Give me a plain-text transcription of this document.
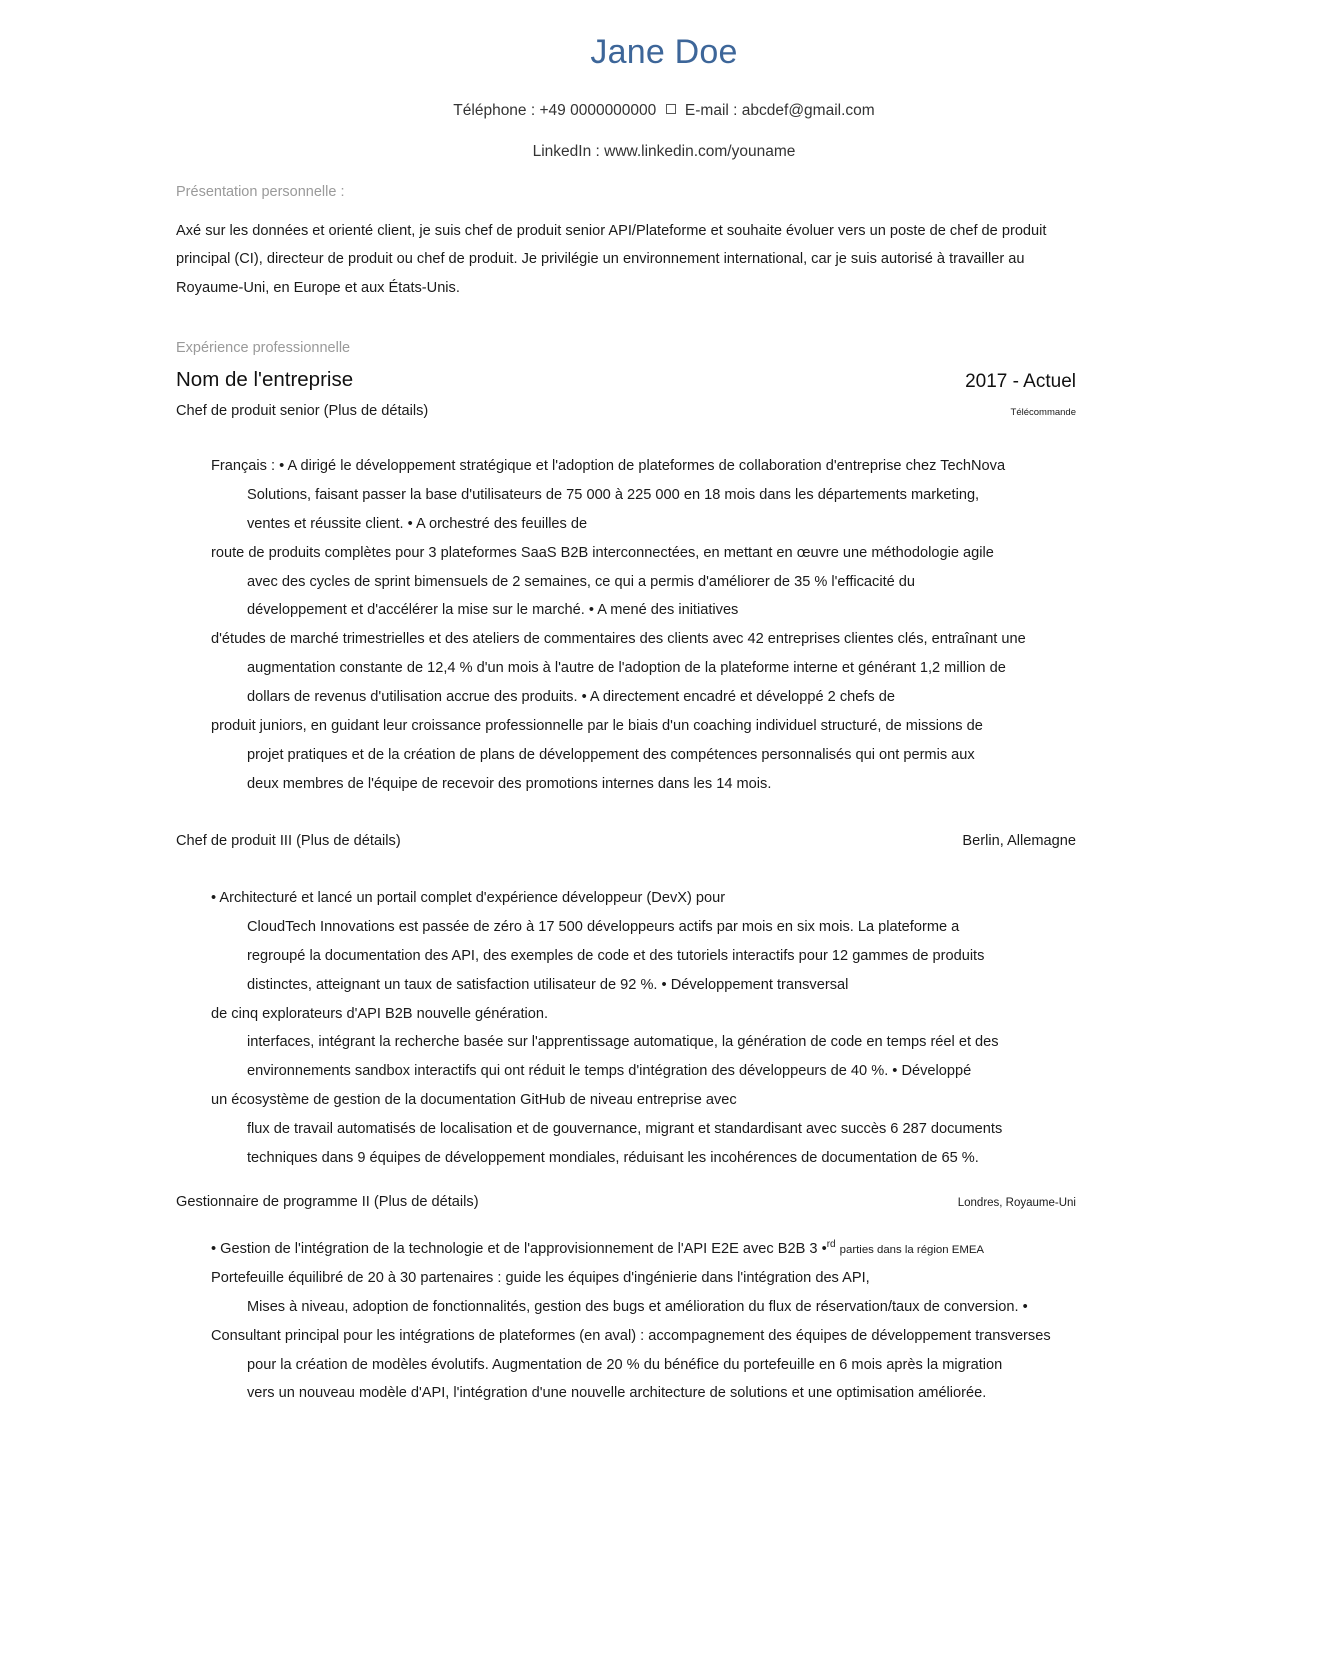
Jane Doe
Téléphone : +49 0000000000 E-mail : abcdef@gmail.com
LinkedIn : www.linkedin.com/youname
Présentation personnelle :

Axé sur les données et orienté client, je suis chef de produit senior API/Plateforme et souhaite évoluer vers un poste de chef de produit principal (CI), directeur de produit ou chef de produit. Je privilégie un environnement international, car je suis autorisé à travailler au Royaume-Uni, en Europe et aux États-Unis.

Expérience professionnelle
Nom de l'entreprise	2017 - Actuel
Chef de produit senior (Plus de détails)	Télécommande

Français : • A dirigé le développement stratégique et l'adoption de plateformes de collaboration d'entreprise chez TechNova

Solutions, faisant passer la base d'utilisateurs de 75 000 à 225 000 en 18 mois dans les départements marketing,

ventes et réussite client. • A orchestré des feuilles de

route de produits complètes pour 3 plateformes SaaS B2B interconnectées, en mettant en œuvre une méthodologie agile

avec des cycles de sprint bimensuels de 2 semaines, ce qui a permis d'améliorer de 35 % l'efficacité du

développement et d'accélérer la mise sur le marché. • A mené des initiatives

d'études de marché trimestrielles et des ateliers de commentaires des clients avec 42 entreprises clientes clés, entraînant une

augmentation constante de 12,4 % d'un mois à l'autre de l'adoption de la plateforme interne et générant 1,2 million de

dollars de revenus d'utilisation accrue des produits. • A directement encadré et développé 2 chefs de

produit juniors, en guidant leur croissance professionnelle par le biais d'un coaching individuel structuré, de missions de

projet pratiques et de la création de plans de développement des compétences personnalisés qui ont permis aux

deux membres de l'équipe de recevoir des promotions internes dans les 14 mois.

Chef de produit III (Plus de détails)	Berlin, Allemagne

• Architecturé et lancé un portail complet d'expérience développeur (DevX) pour

CloudTech Innovations est passée de zéro à 17 500 développeurs actifs par mois en six mois. La plateforme a

regroupé la documentation des API, des exemples de code et des tutoriels interactifs pour 12 gammes de produits

distinctes, atteignant un taux de satisfaction utilisateur de 92 %. • Développement transversal

de cinq explorateurs d'API B2B nouvelle génération.

interfaces, intégrant la recherche basée sur l'apprentissage automatique, la génération de code en temps réel et des

environnements sandbox interactifs qui ont réduit le temps d'intégration des développeurs de 40 %. • Développé

un écosystème de gestion de la documentation GitHub de niveau entreprise avec

flux de travail automatisés de localisation et de gouvernance, migrant et standardisant avec succès 6 287 documents

techniques dans 9 équipes de développement mondiales, réduisant les incohérences de documentation de 65 %.

Gestionnaire de programme II (Plus de détails)	Londres, Royaume-Uni

• Gestion de l'intégration de la technologie et de l'approvisionnement de l'API E2E avec B2B 3 •$^{rd}$ parties dans la région EMEA

Portefeuille équilibré de 20 à 30 partenaires : guide les équipes d'ingénierie dans l'intégration des API,

Mises à niveau, adoption de fonctionnalités, gestion des bugs et amélioration du flux de réservation/taux de conversion. •

Consultant principal pour les intégrations de plateformes (en aval) : accompagnement des équipes de développement transverses

pour la création de modèles évolutifs. Augmentation de 20 % du bénéfice du portefeuille en 6 mois après la migration

vers un nouveau modèle d'API, l'intégration d'une nouvelle architecture de solutions et une optimisation améliorée.
